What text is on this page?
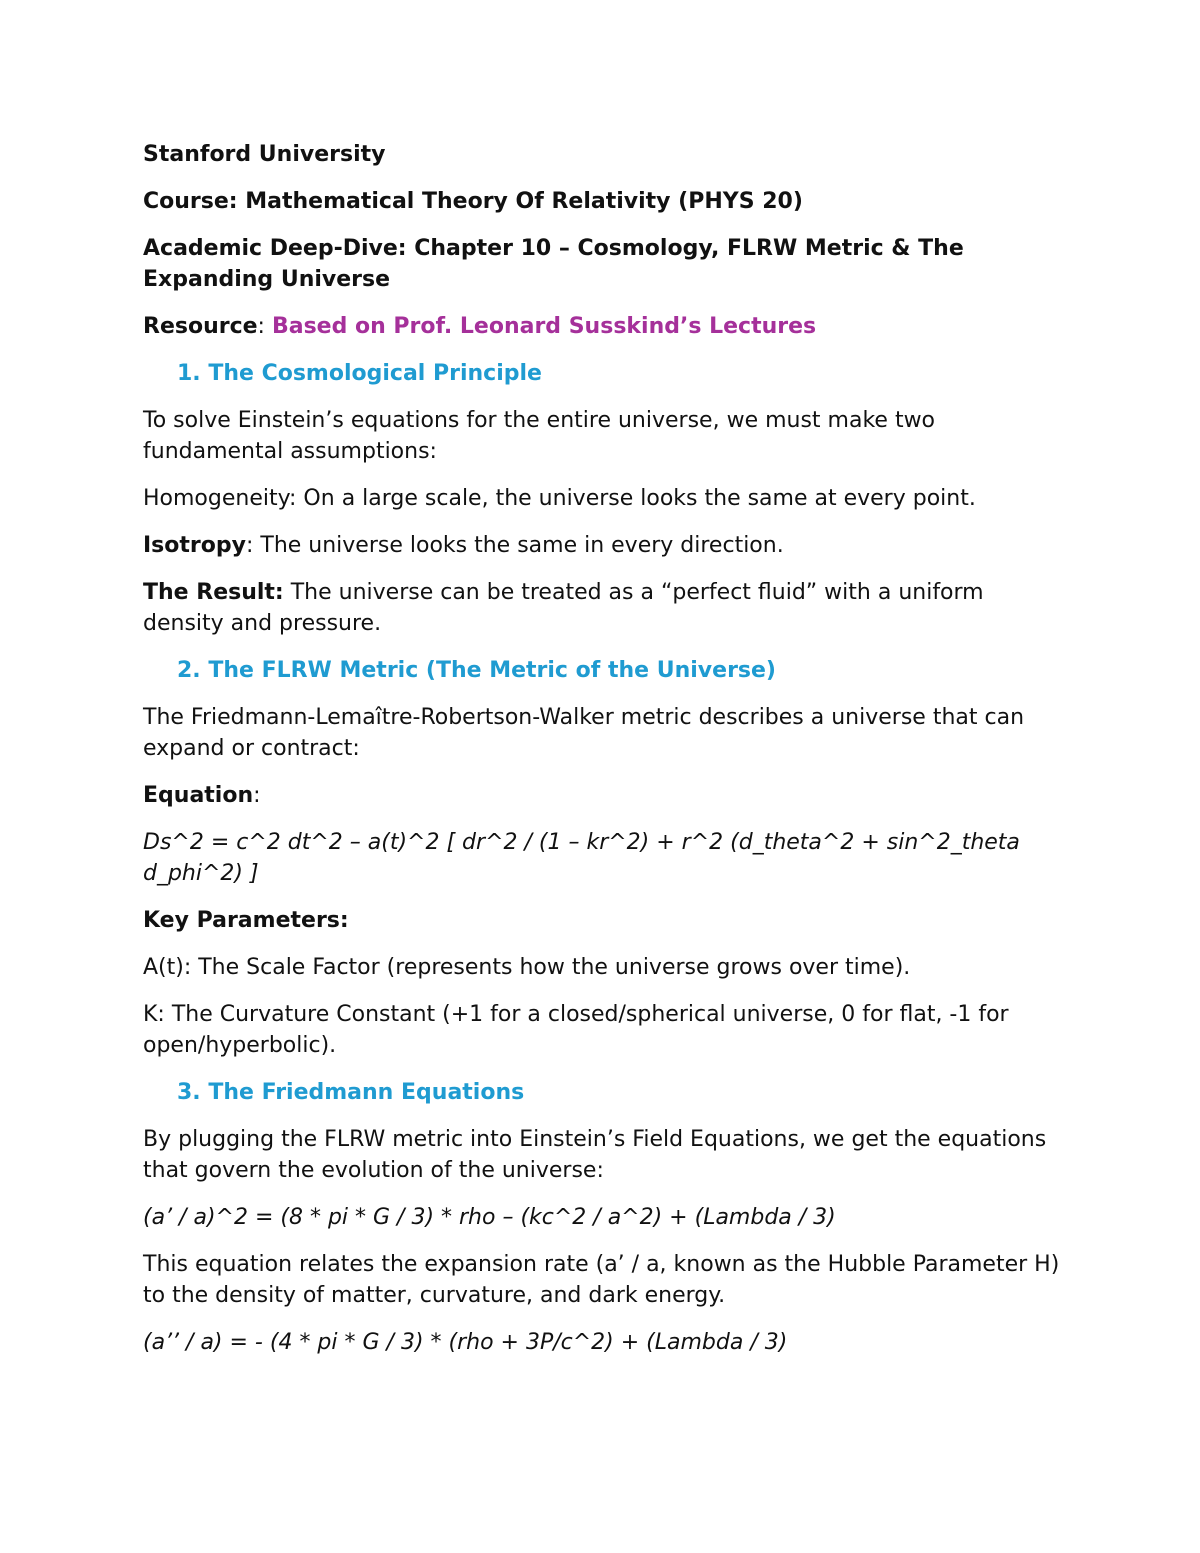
Stanford University

Course: Mathematical Theory Of Relativity (PHYS 20)

Academic Deep-Dive: Chapter 10 – Cosmology, FLRW Metric & The Expanding Universe

Resource: Based on Prof. Leonard Susskind’s Lectures

1. The Cosmological Principle

To solve Einstein’s equations for the entire universe, we must make two fundamental assumptions:

Homogeneity: On a large scale, the universe looks the same at every point.

Isotropy: The universe looks the same in every direction.

The Result: The universe can be treated as a “perfect fluid” with a uniform density and pressure.

2. The FLRW Metric (The Metric of the Universe)

The Friedmann-Lemaître-Robertson-Walker metric describes a universe that can expand or contract:

Equation:

Ds^2 = c^2 dt^2 – a(t)^2 [ dr^2 / (1 – kr^2) + r^2 (d_theta^2 + sin^2_theta d_phi^2) ]

Key Parameters:

A(t): The Scale Factor (represents how the universe grows over time).

K: The Curvature Constant (+1 for a closed/spherical universe, 0 for flat, -1 for open/hyperbolic).

3. The Friedmann Equations

By plugging the FLRW metric into Einstein’s Field Equations, we get the equations that govern the evolution of the universe:

(a’ / a)^2 = (8 * pi * G / 3) * rho – (kc^2 / a^2) + (Lambda / 3)

This equation relates the expansion rate (a’ / a, known as the Hubble Parameter H) to the density of matter, curvature, and dark energy.

(a’’ / a) = - (4 * pi * G / 3) * (rho + 3P/c^2) + (Lambda / 3)
